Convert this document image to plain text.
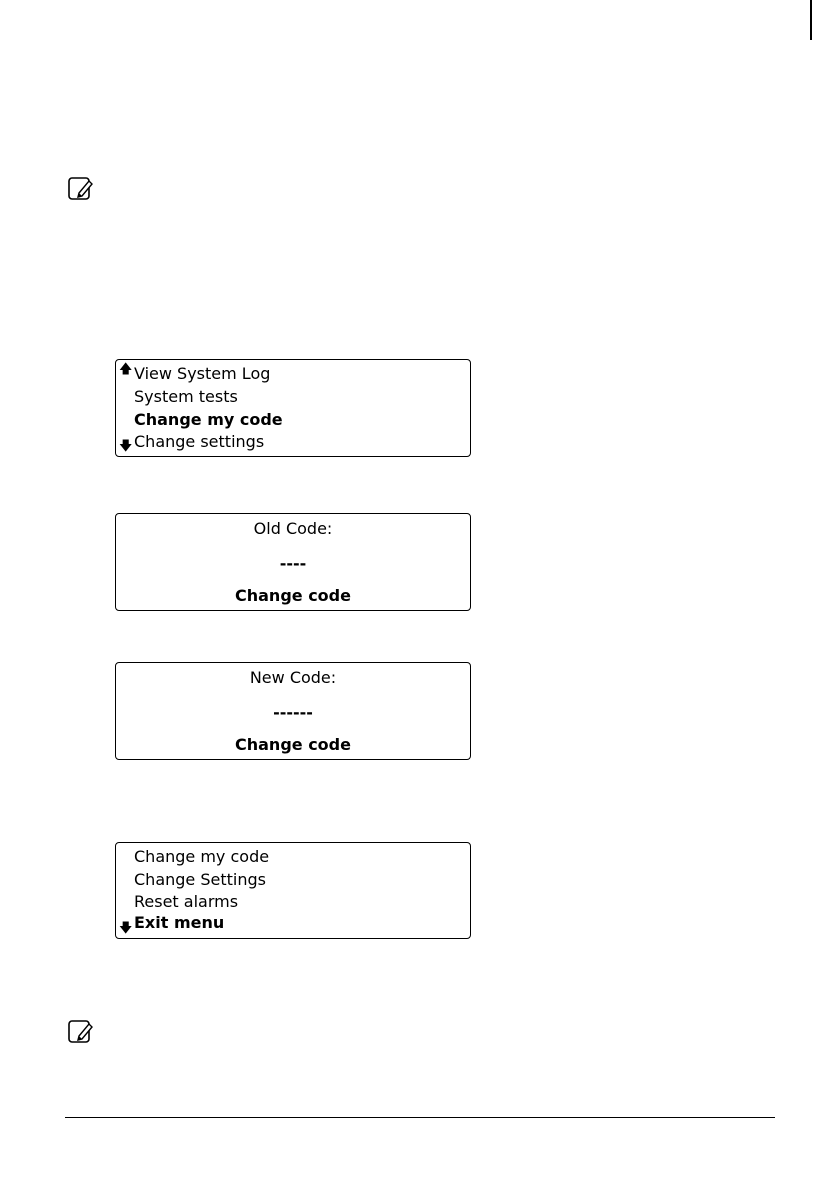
🡅 View System Log
System tests
Change my code
Change settings
🡇
Old Code:
----
Change code
New Code:
------
Change code
Change my code
Change Settings
Reset alarms
Exit menu
🡇
